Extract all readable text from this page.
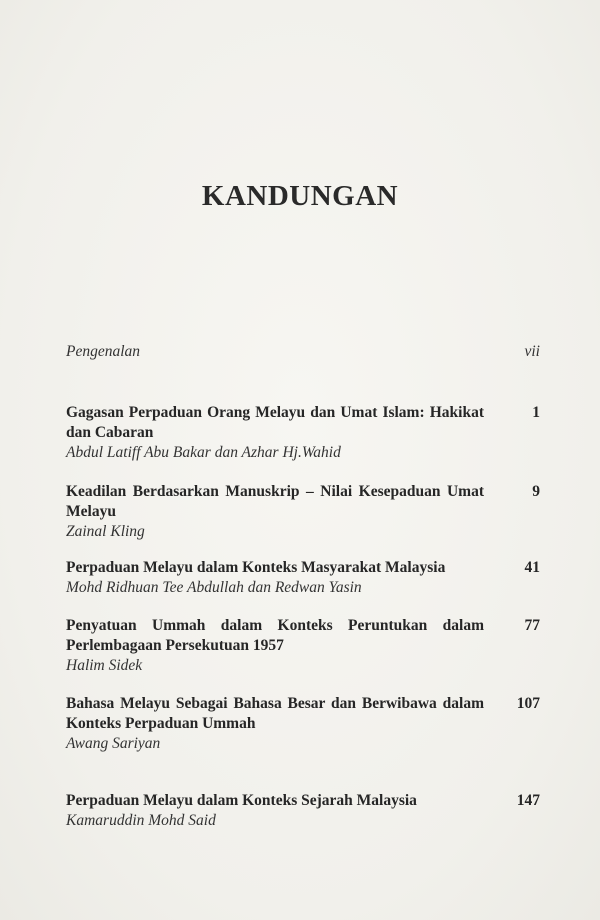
KANDUNGAN
Pengenalan	vii
Gagasan Perpaduan Orang Melayu dan Umat Islam: Hakikat dan Cabaran
Abdul Latiff Abu Bakar dan Azhar Hj.Wahid
1
Keadilan Berdasarkan Manuskrip – Nilai Kesepaduan Umat Melayu
Zainal Kling
9
Perpaduan Melayu dalam Konteks Masyarakat Malaysia
Mohd Ridhuan Tee Abdullah dan Redwan Yasin
41
Penyatuan Ummah dalam Konteks Peruntukan dalam Perlembagaan Persekutuan 1957
Halim Sidek
77
Bahasa Melayu Sebagai Bahasa Besar dan Berwibawa dalam Konteks Perpaduan Ummah
Awang Sariyan
107
Perpaduan Melayu dalam Konteks Sejarah Malaysia
Kamaruddin Mohd Said
147
